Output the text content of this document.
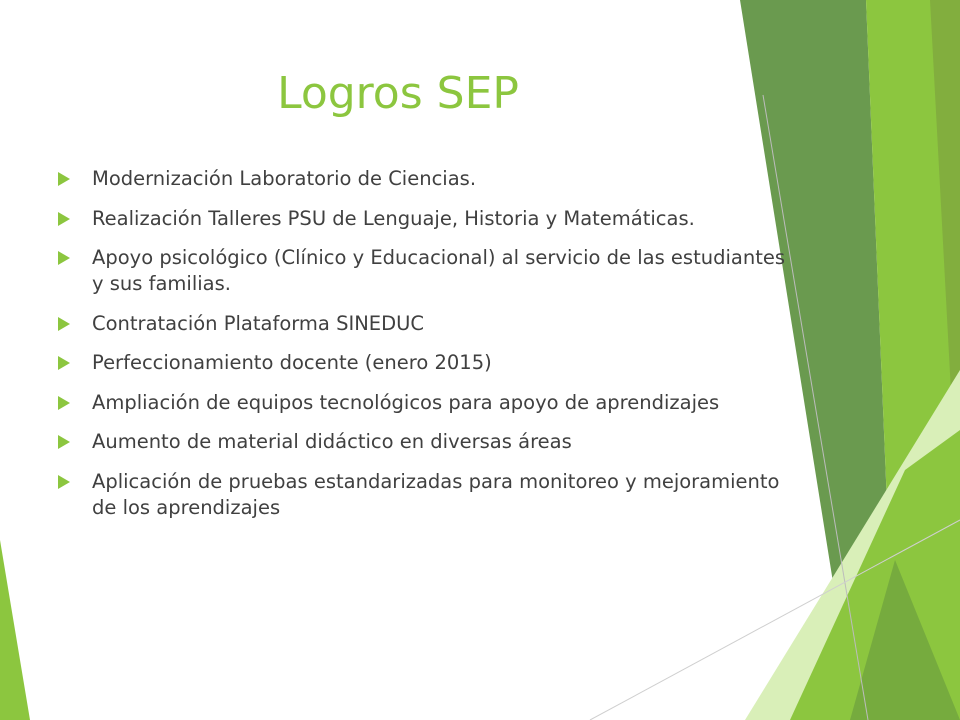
Logros SEP
Modernización Laboratorio de Ciencias.
Realización Talleres PSU de Lenguaje, Historia y Matemáticas.
Apoyo psicológico (Clínico y Educacional) al servicio de las estudiantes y sus familias.
Contratación Plataforma SINEDUC
Perfeccionamiento docente (enero 2015)
Ampliación de equipos tecnológicos para apoyo de aprendizajes
Aumento de material didáctico en diversas áreas
Aplicación de pruebas estandarizadas para monitoreo y mejoramiento de los aprendizajes
